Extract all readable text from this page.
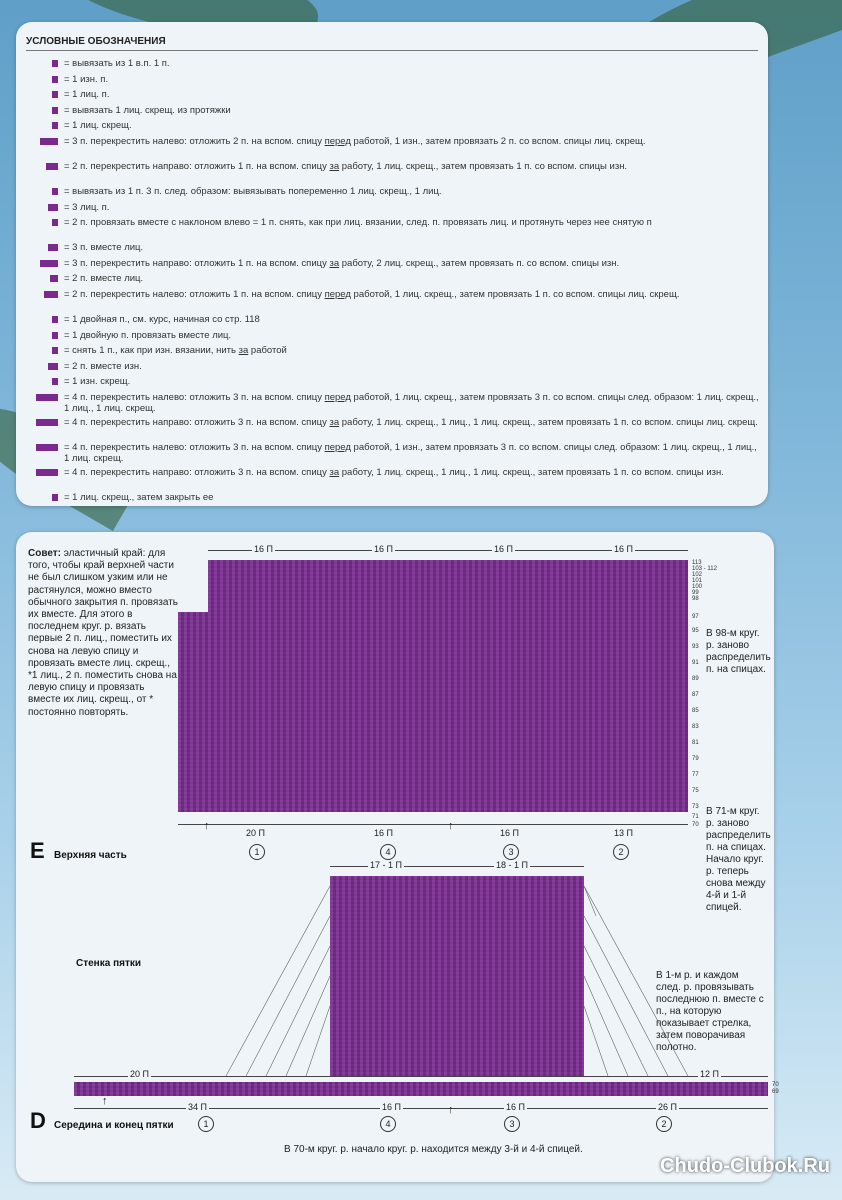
УСЛОВНЫЕ ОБОЗНАЧЕНИЯ
= вывязать из 1 в.п. 1 п.
= 1 изн. п.
= 1 лиц. п.
= вывязать 1 лиц. скрещ. из протяжки
= 1 лиц. скрещ.
= 3 п. перекрестить налево: отложить 2 п. на вспом. спицу перед работой, 1 изн., затем провязать 2 п. со вспом. спицы лиц. скрещ.
= 2 п. перекрестить направо: отложить 1 п. на вспом. спицу за работу, 1 лиц. скрещ., затем провязать 1 п. со вспом. спицы изн.
= вывязать из 1 п. 3 п. след. образом: вывязывать попеременно 1 лиц. скрещ., 1 лиц.
= 3 лиц. п.
= 2 п. провязать вместе с наклоном влево = 1 п. снять, как при лиц. вязании, след. п. провязать лиц. и протянуть через нее снятую п
= 3 п. вместе лиц.
= 3 п. перекрестить направо: отложить 1 п. на вспом. спицу за работу, 2 лиц. скрещ., затем провязать п. со вспом. спицы изн.
= 2 п. вместе лиц.
= 2 п. перекрестить налево: отложить 1 п. на вспом. спицу перед работой, 1 лиц. скрещ., затем провязать 1 п. со вспом. спицы лиц. скрещ.
= 1 двойная п., см. курс, начиная со стр. 118
= 1 двойную п. провязать вместе лиц.
= снять 1 п., как при изн. вязании, нить за работой
= 2 п. вместе изн.
= 1 изн. скрещ.
= 4 п. перекрестить налево: отложить 3 п. на вспом. спицу перед работой, 1 лиц. скрещ., затем провязать 3 п. со вспом. спицы след. образом: 1 лиц. скрещ., 1 лиц., 1 лиц. скрещ.
= 4 п. перекрестить направо: отложить 3 п. на вспом. спицу за работу, 1 лиц. скрещ., 1 лиц., 1 лиц. скрещ., затем провязать 1 п. со вспом. спицы лиц. скрещ.
= 4 п. перекрестить налево: отложить 3 п. на вспом. спицу перед работой, 1 изн., затем провязать 3 п. со вспом. спицы след. образом: 1 лиц. скрещ., 1 лиц., 1 лиц. скрещ.
= 4 п. перекрестить направо: отложить 3 п. на вспом. спицу за работу, 1 лиц. скрещ., 1 лиц., 1 лиц. скрещ., затем провязать 1 п. со вспом. спицы изн.
= 1 лиц. скрещ., затем закрыть ее
Совет: эластичный край: для того, чтобы край верхней части не был слишком узким или не растянулся, можно вместо обычного закрытия п. провязать их вместе. Для этого в последнем круг. р. вязать первые 2 п. лиц., поместить их снова на левую спицу и провязать вместе лиц. скрещ., *1 лиц., 2 п. поместить снова на левую спицу и провязать вместе их лиц. скрещ., от * постоянно повторять.
16 П	16 П	16 П	16 П
113
103 - 112
102
101
100
99
98
97
95
93
91
89
87
85
83
81
79
77
75
73
71
70
↑	↑
20 П	16 П	16 П	13 П
1	4	3	2
E Верхняя часть
В 98-м круг. р. заново распределить п. на спицах.
В 71-м круг. р. заново распределить п. на спицах. Начало круг. р. теперь снова между 4-й и 1-й спицей.
17 - 1 П	18 - 1 П
Стенка пятки
В 1-м р. и каждом след. р. провязывать последнюю п. вместе с п., на которую показывает стрелка, затем поворачивая полотно.
20 П	12 П
70
69
↑
↑
34 П	16 П	16 П	26 П
1	4	3	2
D Середина и конец пятки
В 70-м круг. р. начало круг. р. находится между 3-й и 4-й спицей.
Chudo-Clubok.Ru
